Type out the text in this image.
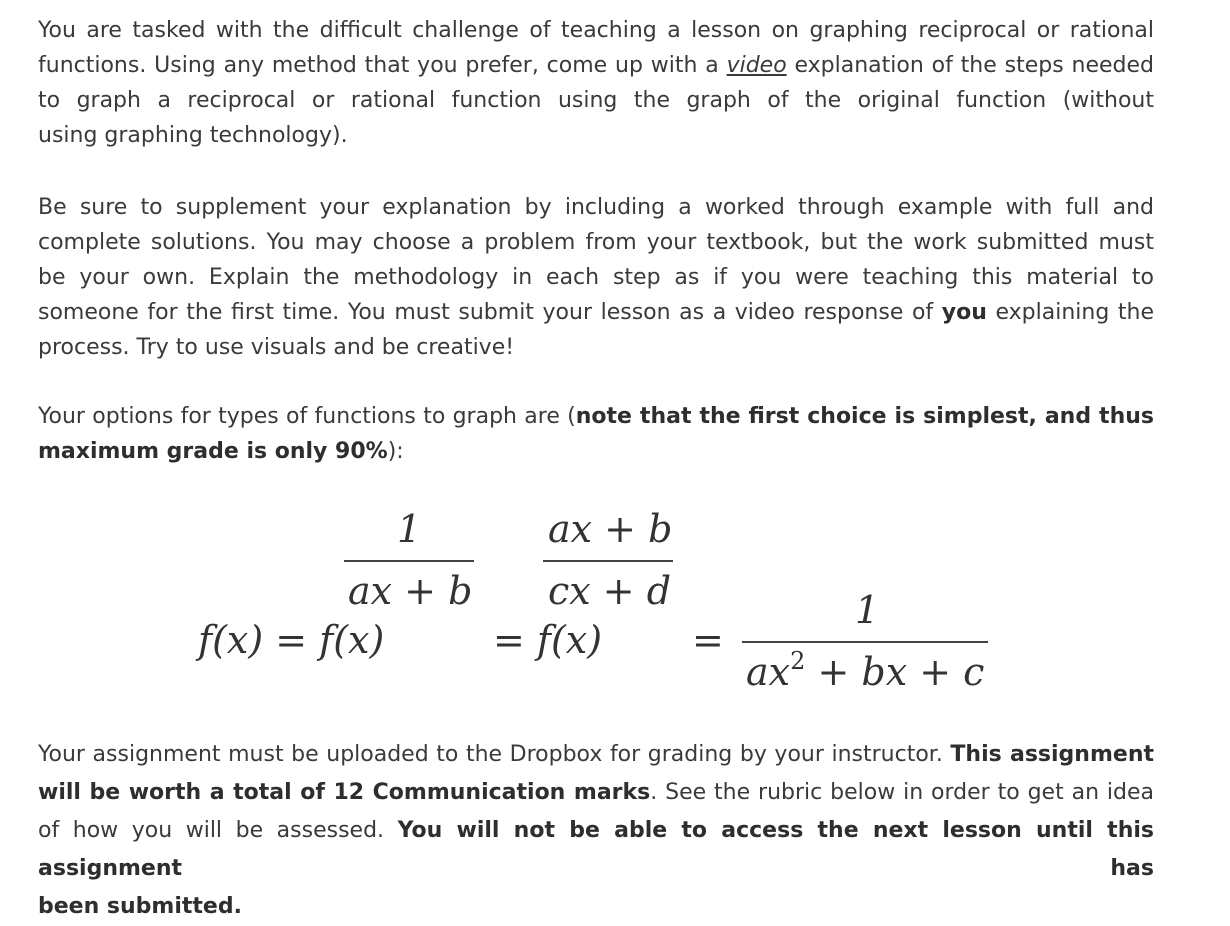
You are tasked with the difficult challenge of teaching a lesson on graphing reciprocal or rational
functions. Using any method that you prefer, come up with a video explanation of the steps needed
to graph a reciprocal or rational function using the graph of the original function (without
using graphing technology).
Be sure to supplement your explanation by including a worked through example with full and
complete solutions. You may choose a problem from your textbook, but the work submitted must
be your own. Explain the methodology in each step as if you were teaching this material to
someone for the first time. You must submit your lesson as a video response of you explaining the
process. Try to use visuals and be creative!
Your options for types of functions to graph are (note that the first choice is simplest, and thus
maximum grade is only 90%):
1
ax + b
ax + b
cx + d
f(x) = f(x)	= f(x) =
1
$ax^2$ + bx + c
Your assignment must be uploaded to the Dropbox for grading by your instructor. This assignment
will be worth a total of 12 Communication marks. See the rubric below in order to get an idea
of how you will be assessed. You will not be able to access the next lesson until this assignment has
been submitted.
